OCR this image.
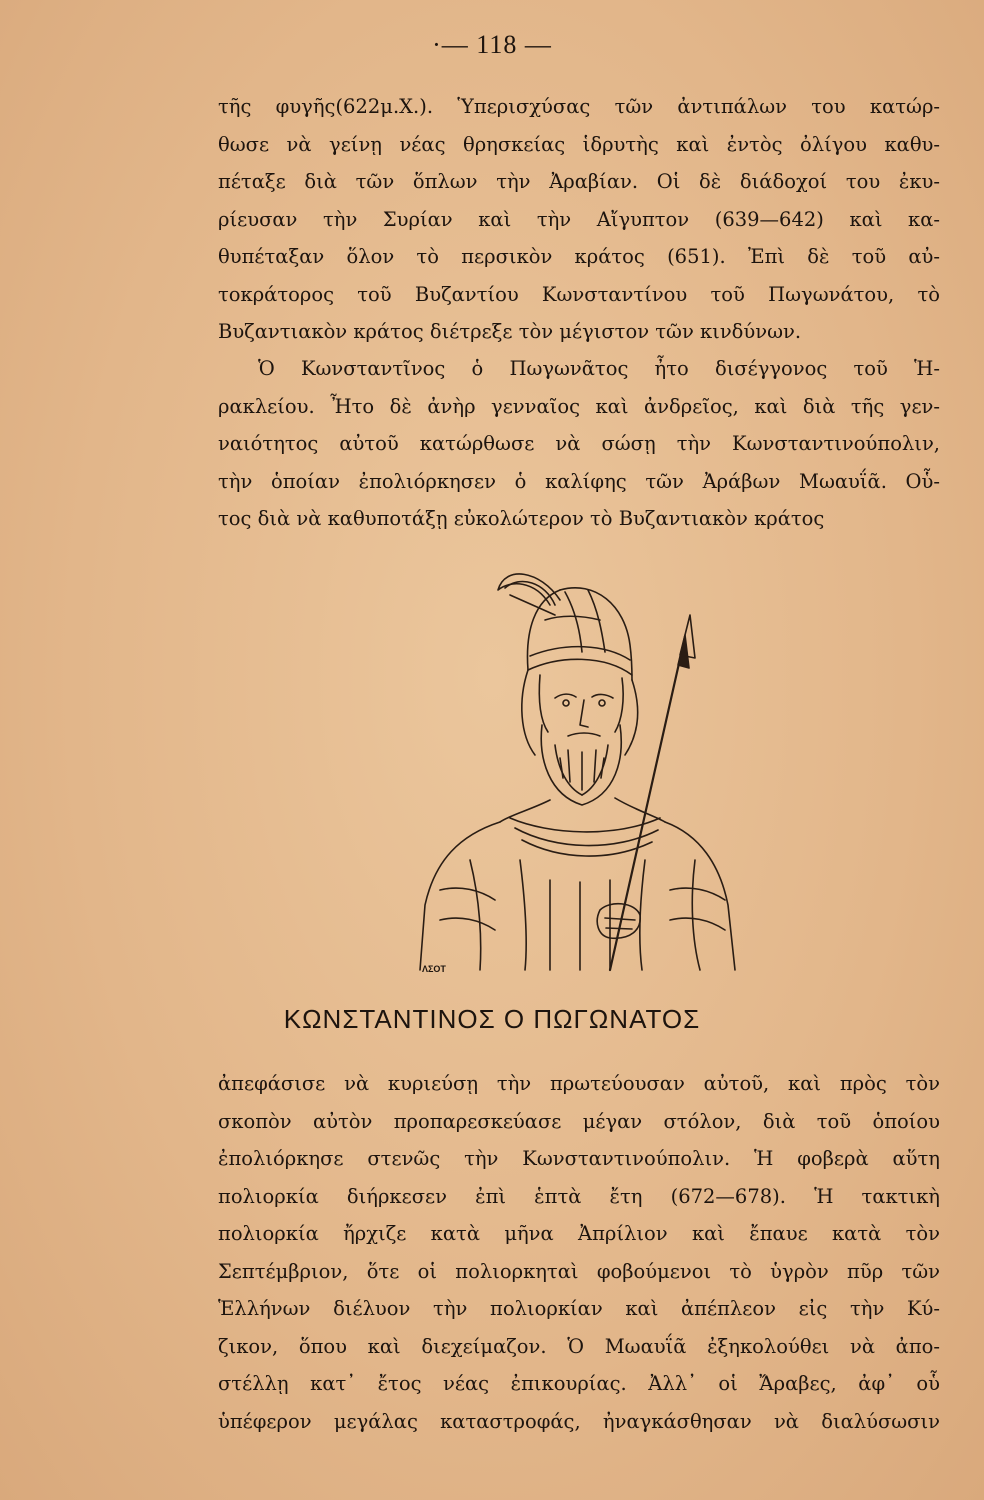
·— 118 —
τῆς φυγῆς(622μ.Χ.). Ὑπερισχύσας τῶν ἀντιπάλων του κατώρ-
θωσε νὰ γείνῃ νέας θρησκείας ἱδρυτὴς καὶ ἐντὸς ὀλίγου καθυ-
πέταξε διὰ τῶν ὅπλων τὴν Ἀραβίαν. Οἱ δὲ διάδοχοί του ἐκυ-
ρίευσαν τὴν Συρίαν καὶ τὴν Αἴγυπτον (639—642) καὶ κα-
θυπέταξαν ὅλον τὸ περσικὸν κράτος (651). Ἐπὶ δὲ τοῦ αὐ-
τοκράτορος τοῦ Βυζαντίου Κωνσταντίνου τοῦ Πωγωνάτου, τὸ
Βυζαντιακὸν κράτος διέτρεξε τὸν μέγιστον τῶν κινδύνων.
Ὁ Κωνσταντῖνος ὁ Πωγωνᾶτος ἦτο δισέγγονος τοῦ Ἡ-
ρακλείου. Ἦτο δὲ ἀνὴρ γενναῖος καὶ ἀνδρεῖος, καὶ διὰ τῆς γεν-
ναιότητος αὐτοῦ κατώρθωσε νὰ σώσῃ τὴν Κωνσταντινούπολιν,
τὴν ὁποίαν ἐπολιόρκησεν ὁ καλίφης τῶν Ἀράβων Μωαυΐᾶ. Οὗ-
τος διὰ νὰ καθυποτάξῃ εὐκολώτερον τὸ Βυζαντιακὸν κράτος
ΛΣΟΤ
ΚΩΝΣΤΑΝΤΙΝΟΣ Ο ΠΩΓΩΝΑΤΟΣ
ἀπεφάσισε νὰ κυριεύσῃ τὴν πρωτεύουσαν αὐτοῦ, καὶ πρὸς τὸν
σκοπὸν αὐτὸν προπαρεσκεύασε μέγαν στόλον, διὰ τοῦ ὁποίου
ἐπολιόρκησε στενῶς τὴν Κωνσταντινούπολιν. Ἡ φοβερὰ αὕτη
πολιορκία διήρκεσεν ἐπὶ ἑπτὰ ἔτη (672—678). Ἡ τακτικὴ
πολιορκία ἤρχιζε κατὰ μῆνα Ἀπρίλιον καὶ ἔπαυε κατὰ τὸν
Σεπτέμβριον, ὅτε οἱ πολιορκηταὶ φοβούμενοι τὸ ὑγρὸν πῦρ τῶν
Ἑλλήνων διέλυον τὴν πολιορκίαν καὶ ἀπέπλεον εἰς τὴν Κύ-
ζικον, ὅπου καὶ διεχείμαζον. Ὁ Μωαυΐᾶ ἐξηκολούθει νὰ ἀπο-
στέλλῃ κατ᾽ ἔτος νέας ἐπικουρίας. Ἀλλ᾽ οἱ Ἄραβες, ἀφ᾽ οὗ
ὑπέφερον μεγάλας καταστροφάς, ἠναγκάσθησαν νὰ διαλύσωσιν
